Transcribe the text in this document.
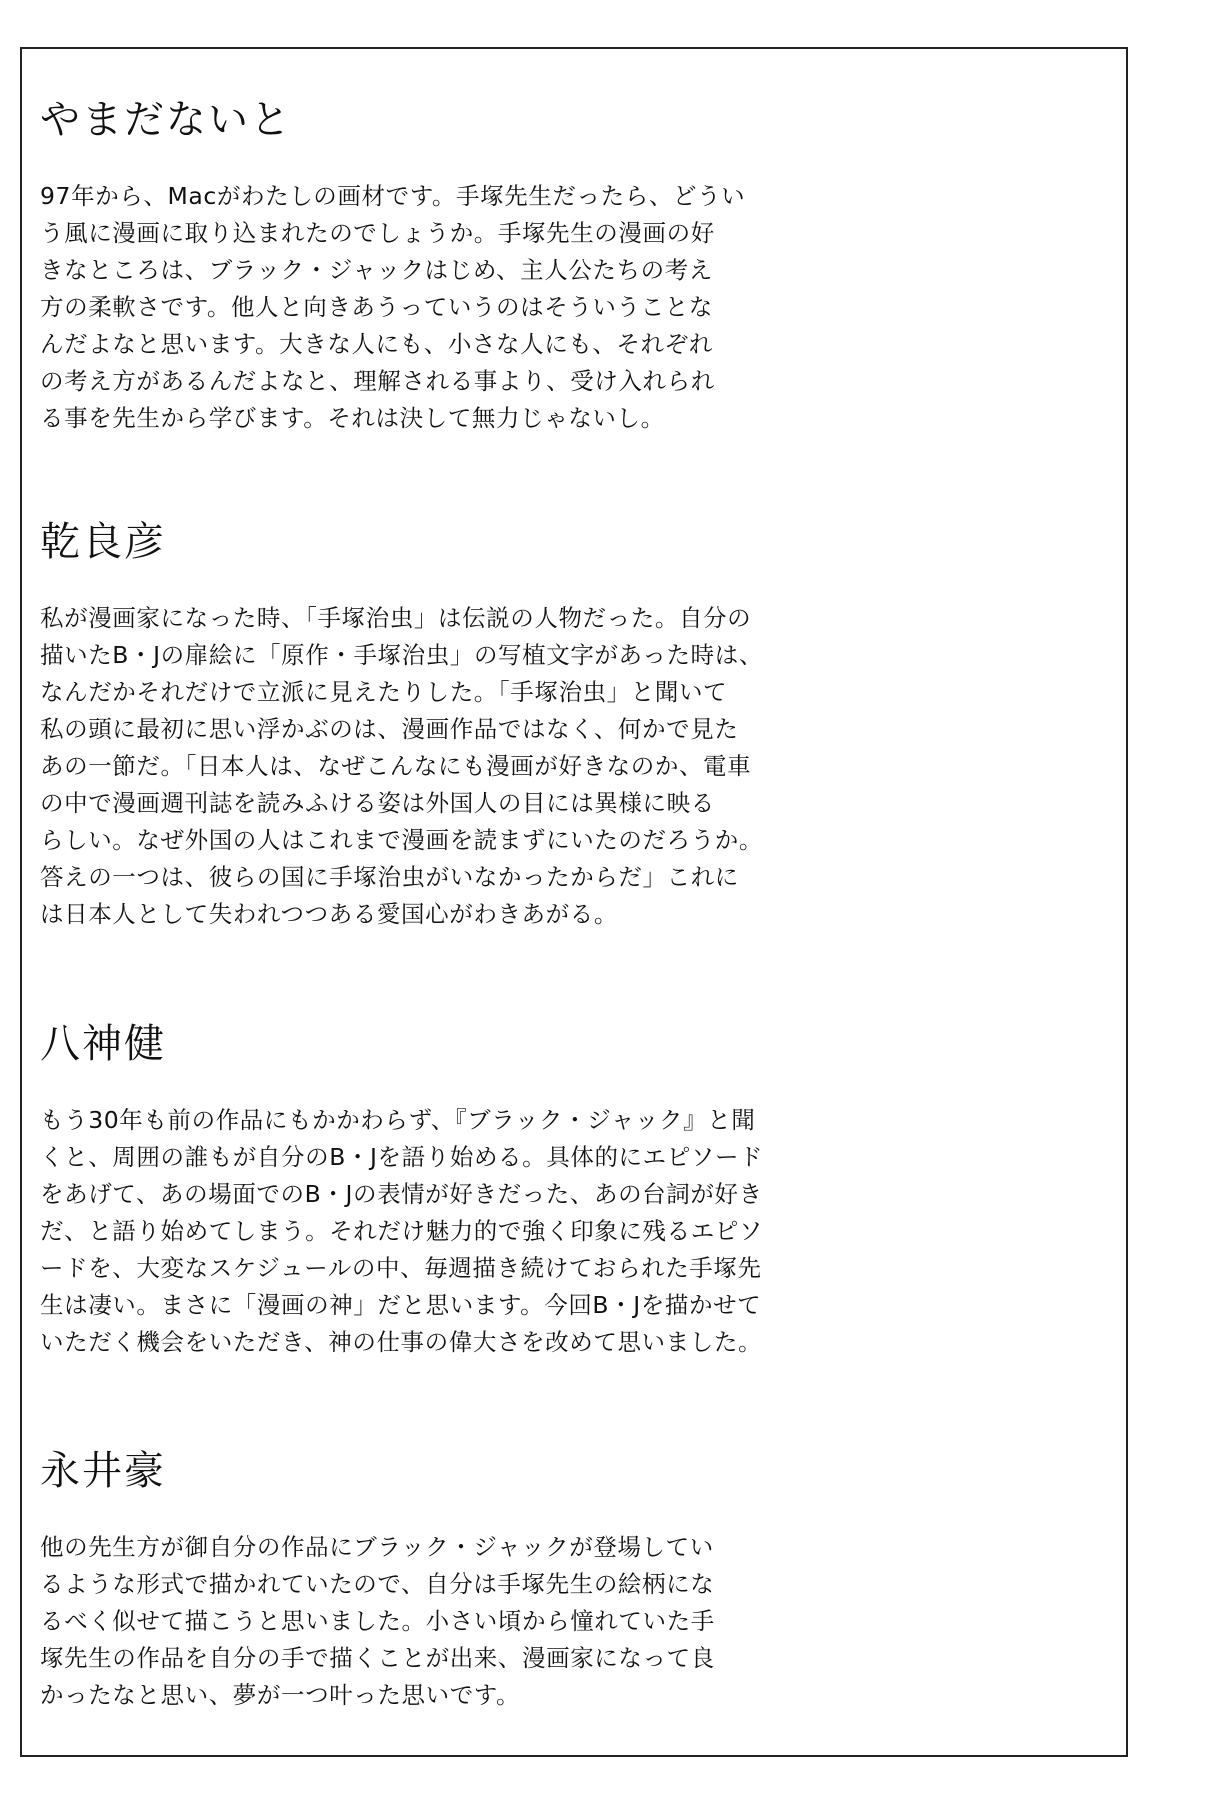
やまだないと
97年から、Macがわたしの画材です。手塚先生だったら、どうい
う風に漫画に取り込まれたのでしょうか。手塚先生の漫画の好
きなところは、ブラック・ジャックはじめ、主人公たちの考え
方の柔軟さです。他人と向きあうっていうのはそういうことな
んだよなと思います。大きな人にも、小さな人にも、それぞれ
の考え方があるんだよなと、理解される事より、受け入れられ
る事を先生から学びます。それは決して無力じゃないし。
乾良彦
私が漫画家になった時、「手塚治虫」は伝説の人物だった。自分の
描いたB・Jの扉絵に「原作・手塚治虫」の写植文字があった時は、
なんだかそれだけで立派に見えたりした。「手塚治虫」と聞いて
私の頭に最初に思い浮かぶのは、漫画作品ではなく、何かで見た
あの一節だ。「日本人は、なぜこんなにも漫画が好きなのか、電車
の中で漫画週刊誌を読みふける姿は外国人の目には異様に映る
らしい。なぜ外国の人はこれまで漫画を読まずにいたのだろうか。
答えの一つは、彼らの国に手塚治虫がいなかったからだ」これに
は日本人として失われつつある愛国心がわきあがる。
八神健
もう30年も前の作品にもかかわらず、『ブラック・ジャック』と聞
くと、周囲の誰もが自分のB・Jを語り始める。具体的にエピソード
をあげて、あの場面でのB・Jの表情が好きだった、あの台詞が好き
だ、と語り始めてしまう。それだけ魅力的で強く印象に残るエピソ
ードを、大変なスケジュールの中、毎週描き続けておられた手塚先
生は凄い。まさに「漫画の神」だと思います。今回B・Jを描かせて
いただく機会をいただき、神の仕事の偉大さを改めて思いました。
永井豪
他の先生方が御自分の作品にブラック・ジャックが登場してい
るような形式で描かれていたので、自分は手塚先生の絵柄にな
るべく似せて描こうと思いました。小さい頃から憧れていた手
塚先生の作品を自分の手で描くことが出来、漫画家になって良
かったなと思い、夢が一つ叶った思いです。
